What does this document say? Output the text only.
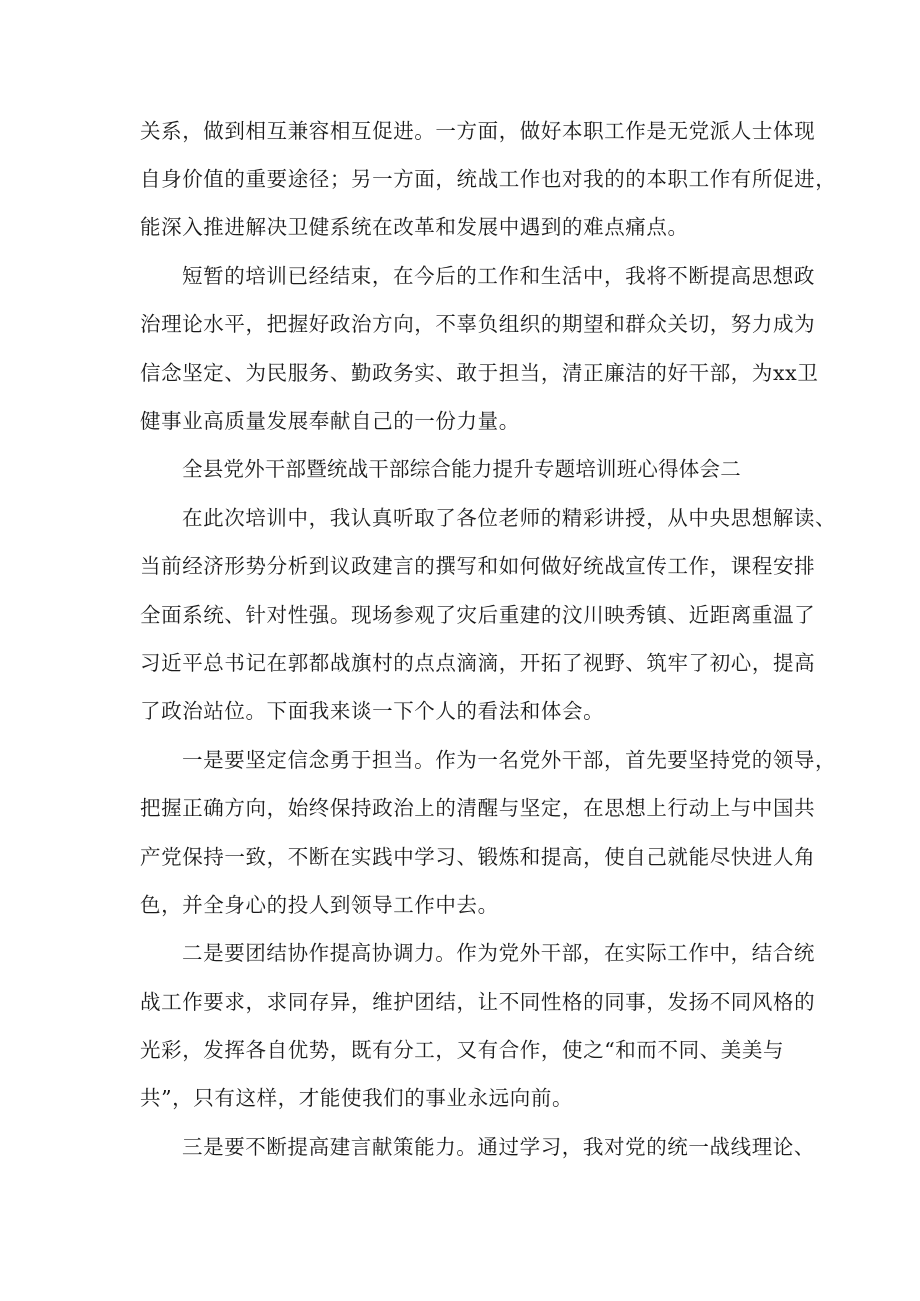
关系，做到相互兼容相互促进。一方面，做好本职工作是无党派人士体现
自身价值的重要途径；另一方面，统战工作也对我的的本职工作有所促进，
能深入推进解决卫健系统在改革和发展中遇到的难点痛点。
短暂的培训已经结束，在今后的工作和生活中，我将不断提高思想政
治理论水平，把握好政治方向，不辜负组织的期望和群众关切，努力成为
信念坚定、为民服务、勤政务实、敢于担当，清正廉洁的好干部，为xx卫
健事业高质量发展奉献自己的一份力量。
全县党外干部暨统战干部综合能力提升专题培训班心得体会二
在此次培训中，我认真听取了各位老师的精彩讲授，从中央思想解读、
当前经济形势分析到议政建言的撰写和如何做好统战宣传工作，课程安排
全面系统、针对性强。现场参观了灾后重建的汶川映秀镇、近距离重温了
习近平总书记在郭都战旗村的点点滴滴，开拓了视野、筑牢了初心，提高
了政治站位。下面我来谈一下个人的看法和体会。
一是要坚定信念勇于担当。作为一名党外干部，首先要坚持党的领导，
把握正确方向，始终保持政治上的清醒与坚定，在思想上行动上与中国共
产党保持一致，不断在实践中学习、锻炼和提高，使自己就能尽快进人角
色，并全身心的投人到领导工作中去。
二是要团结协作提高协调力。作为党外干部，在实际工作中，结合统
战工作要求，求同存异，维护团结，让不同性格的同事，发扬不同风格的
光彩，发挥各自优势，既有分工，又有合作，使之“和而不同、美美与
共”，只有这样，才能使我们的事业永远向前。
三是要不断提高建言献策能力。通过学习，我对党的统一战线理论、
